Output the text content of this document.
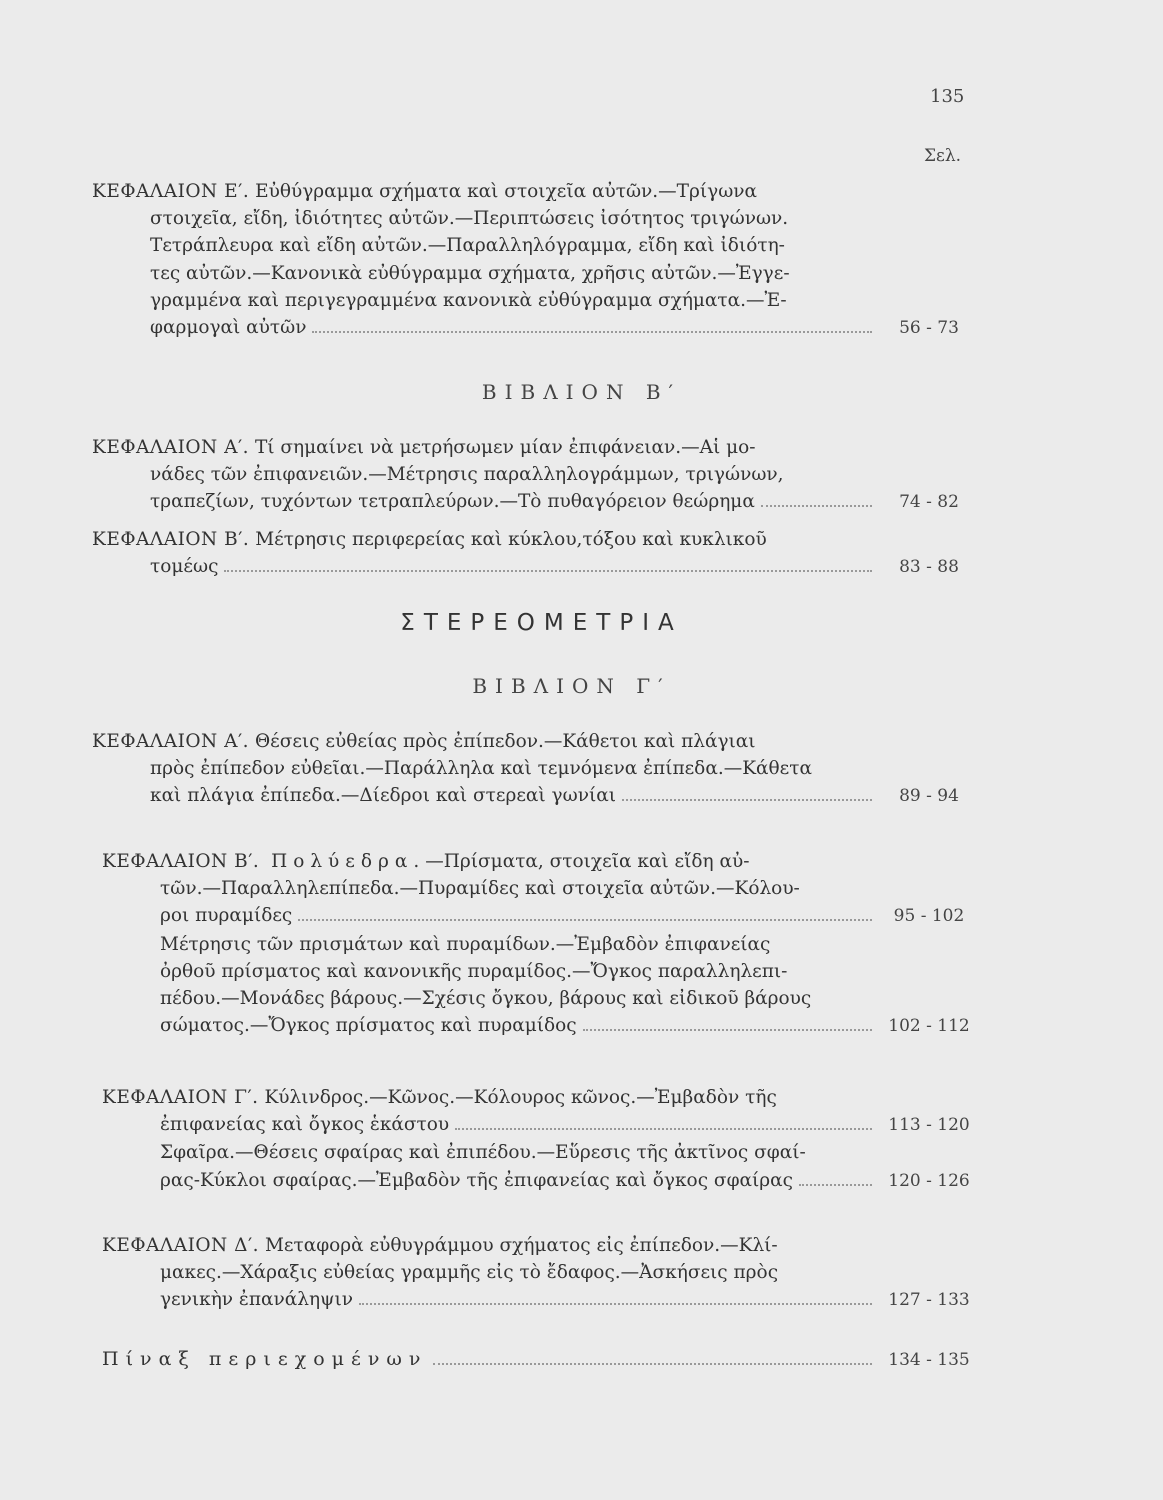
135
Σελ.
ΚΕΦΑΛΑΙΟΝ Ε′.
Εὐθύγραμμα σχήματα καὶ στοιχεῖα αὐτῶν.—Τρίγωνα
στοιχεῖα, εἴδη, ἰδιότητες αὐτῶν.—Περιπτώσεις ἰσότητος τριγώνων.
Τετράπλευρα καὶ εἴδη αὐτῶν.—Παραλληλόγραμμα, εἴδη καὶ ἰδιότη-
τες αὐτῶν.—Κανονικὰ εὐθύγραμμα σχήματα, χρῆσις αὐτῶν.—Ἐγγε-
γραμμένα καὶ περιγεγραμμένα κανονικὰ εὐθύγραμμα σχήματα.—Ἐ-
φαρμογαὶ αὐτῶν	56 - 73
ΒΙΒΛΙΟΝ Β′
ΚΕΦΑΛΑΙΟΝ Α′.
Τί σημαίνει νὰ μετρήσωμεν μίαν ἐπιφάνειαν.—Αἱ μο-
νάδες τῶν ἐπιφανειῶν.—Μέτρησις παραλληλογράμμων, τριγώνων,
τραπεζίων, τυχόντων τετραπλεύρων.—Τὸ πυθαγόρειον θεώρημα	74 - 82
ΚΕΦΑΛΑΙΟΝ Β′.
Μέτρησις περιφερείας καὶ κύκλου,τόξου καὶ κυκλικοῦ
τομέως	83 - 88
ΣΤΕΡΕΟΜΕΤΡΙΑ
ΒΙΒΛΙΟΝ Γ′
ΚΕΦΑΛΑΙΟΝ Α′.
Θέσεις εὐθείας πρὸς ἐπίπεδον.—Κάθετοι καὶ πλάγιαι
πρὸς ἐπίπεδον εὐθεῖαι.—Παράλληλα καὶ τεμνόμενα ἐπίπεδα.—Κάθετα
καὶ πλάγια ἐπίπεδα.—Δίεδροι καὶ στερεαὶ γωνίαι	89 - 94
ΚΕΦΑΛΑΙΟΝ Β′.
Πολύεδρα. —Πρίσματα, στοιχεῖα καὶ εἴδη αὐ-
τῶν.—Παραλληλεπίπεδα.—Πυραμίδες καὶ στοιχεῖα αὐτῶν.—Κόλου-
ροι πυραμίδες	95 - 102
Μέτρησις τῶν πρισμάτων καὶ πυραμίδων.—Ἐμβαδὸν ἐπιφανείας
ὀρθοῦ πρίσματος καὶ κανονικῆς πυραμίδος.—Ὄγκος παραλληλεπι-
πέδου.—Μονάδες βάρους.—Σχέσις ὄγκου, βάρους καὶ εἰδικοῦ βάρους
σώματος.—Ὄγκος πρίσματος καὶ πυραμίδος	102 - 112
ΚΕΦΑΛΑΙΟΝ Γ′.
Κύλινδρος.—Κῶνος.—Κόλουρος κῶνος.—Ἐμβαδὸν τῆς
ἐπιφανείας καὶ ὄγκος ἑκάστου	113 - 120
Σφαῖρα.—Θέσεις σφαίρας καὶ ἐπιπέδου.—Εὕρεσις τῆς ἀκτῖνος σφαί-
ρας-Κύκλοι σφαίρας.—Ἐμβαδὸν τῆς ἐπιφανείας καὶ ὄγκος σφαίρας	120 - 126
ΚΕΦΑΛΑΙΟΝ Δ′.
Μεταφορὰ εὐθυγράμμου σχήματος εἰς ἐπίπεδον.—Κλί-
μακες.—Χάραξις εὐθείας γραμμῆς εἰς τὸ ἔδαφος.—Ἀσκήσεις πρὸς
γενικὴν ἐπανάληψιν	127 - 133
Πίναξ περιεχομένων	134 - 135
